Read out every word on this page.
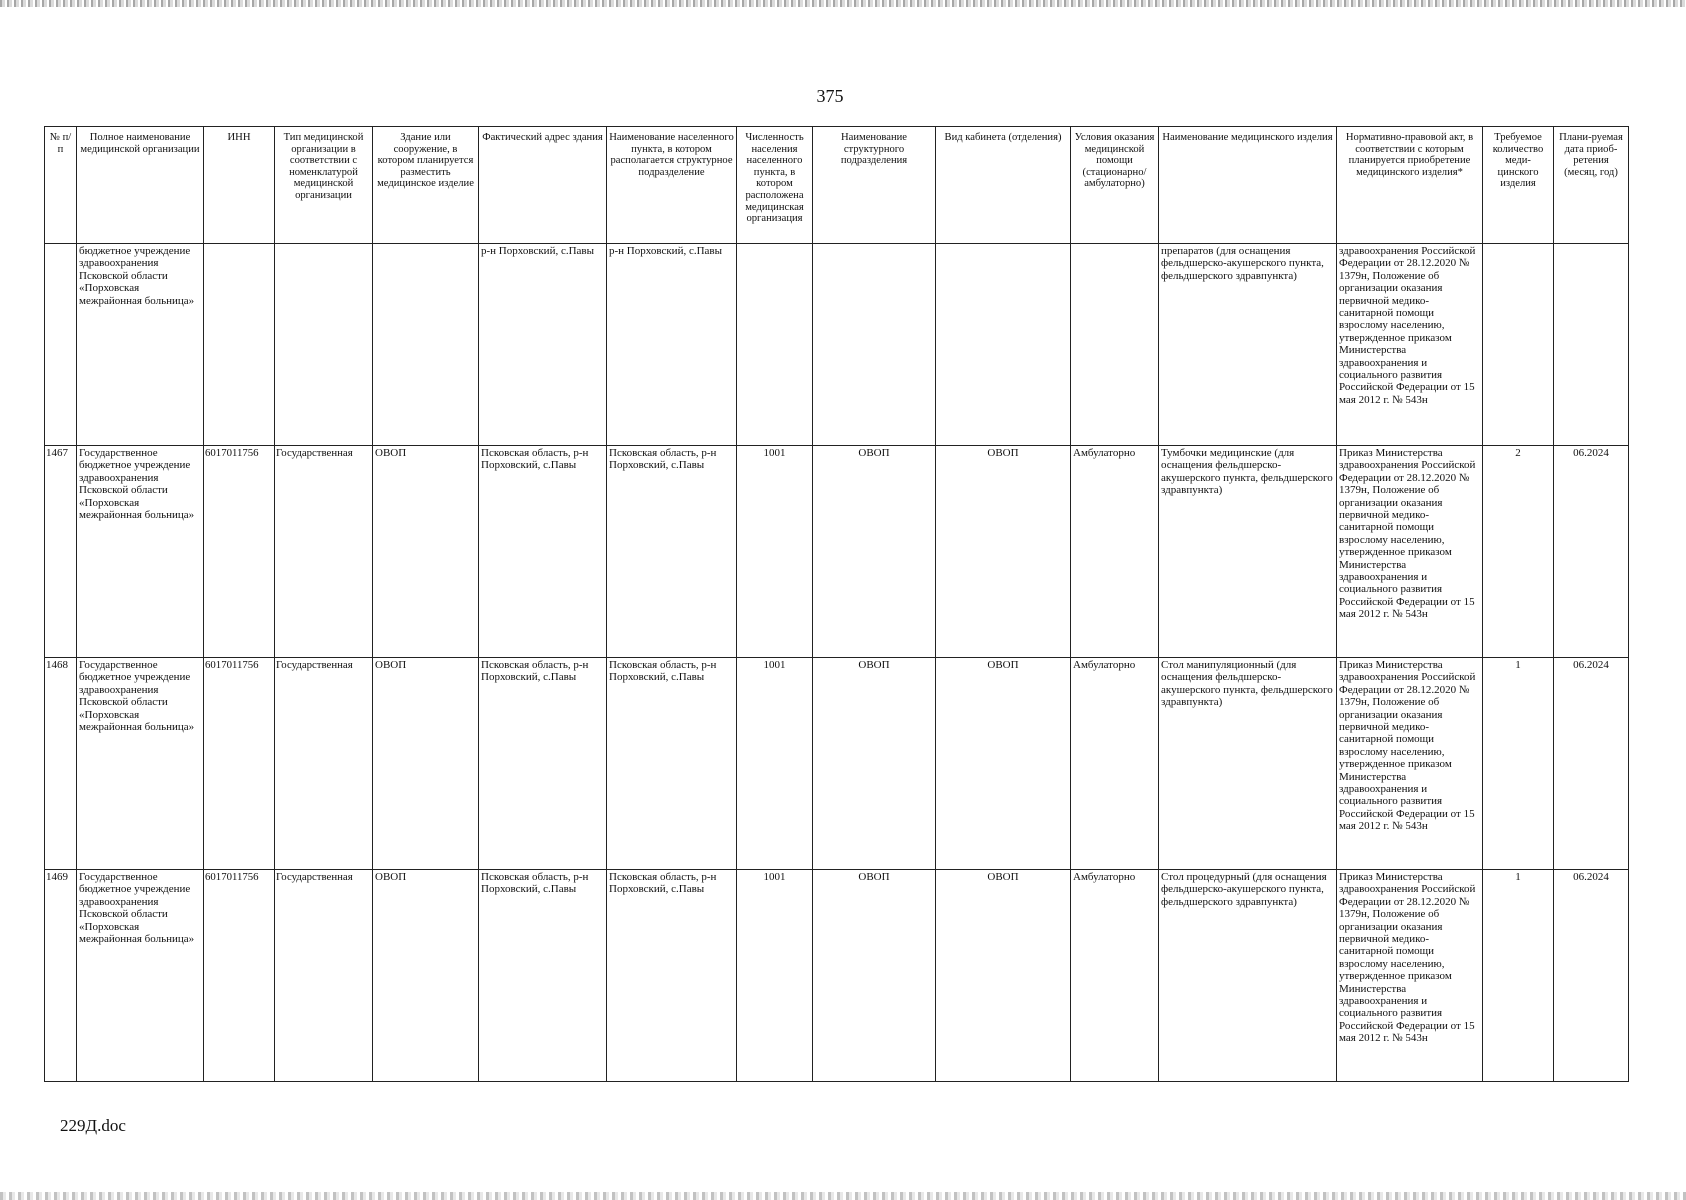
375
№ п/п	Полное наименование медицинской организации	ИНН	Тип медицинской организации в соответствии с номенклатурой медицинской организации	Здание или сооружение, в котором планируется разместить медицинское изделие	Фактический адрес здания	Наименование населенного пункта, в котором располагается структурное подразделение	Численность населения населенного пункта, в котором расположена медицинская организация	Наименование структурного подразделения	Вид кабинета (отделения)	Условия оказания медицинской помощи (стационарно/ амбулаторно)	Наименование медицинского изделия	Нормативно-правовой акт, в соответствии с которым планируется приобретение медицинского изделия*	Требуемое количество меди-цинского изделия	Плани-руемая дата приоб-ретения (месяц, год)
	бюджетное учреждение здравоохранения Псковской области «Порховская межрайонная больница»				р-н Порховский, с.Павы	р-н Порховский, с.Павы					препаратов (для оснащения фельдшерско-акушерского пункта, фельдшерского здравпункта)	здравоохранения Российской Федерации от 28.12.2020 № 1379н, Положение об организации оказания первичной медико-санитарной помощи взрослому населению, утвержденное приказом Министерства здравоохранения и социального развития Российской Федерации от 15 мая 2012 г. № 543н		
1467	Государственное бюджетное учреждение здравоохранения Псковской области «Порховская межрайонная больница»	6017011756	Государственная	ОВОП	Псковская область, р-н Порховский, с.Павы	Псковская область, р-н Порховский, с.Павы	1001	ОВОП	ОВОП	Амбулаторно	Тумбочки медицинские (для оснащения фельдшерско-акушерского пункта, фельдшерского здравпункта)	Приказ Министерства здравоохранения Российской Федерации от 28.12.2020 № 1379н, Положение об организации оказания первичной медико-санитарной помощи взрослому населению, утвержденное приказом Министерства здравоохранения и социального развития Российской Федерации от 15 мая 2012 г. № 543н	2	06.2024
1468	Государственное бюджетное учреждение здравоохранения Псковской области «Порховская межрайонная больница»	6017011756	Государственная	ОВОП	Псковская область, р-н Порховский, с.Павы	Псковская область, р-н Порховский, с.Павы	1001	ОВОП	ОВОП	Амбулаторно	Стол манипуляционный (для оснащения фельдшерско-акушерского пункта, фельдшерского здравпункта)	Приказ Министерства здравоохранения Российской Федерации от 28.12.2020 № 1379н, Положение об организации оказания первичной медико-санитарной помощи взрослому населению, утвержденное приказом Министерства здравоохранения и социального развития Российской Федерации от 15 мая 2012 г. № 543н	1	06.2024
1469	Государственное бюджетное учреждение здравоохранения Псковской области «Порховская межрайонная больница»	6017011756	Государственная	ОВОП	Псковская область, р-н Порховский, с.Павы	Псковская область, р-н Порховский, с.Павы	1001	ОВОП	ОВОП	Амбулаторно	Стол процедурный (для оснащения фельдшерско-акушерского пункта, фельдшерского здравпункта)	Приказ Министерства здравоохранения Российской Федерации от 28.12.2020 № 1379н, Положение об организации оказания первичной медико-санитарной помощи взрослому населению, утвержденное приказом Министерства здравоохранения и социального развития Российской Федерации от 15 мая 2012 г. № 543н	1	06.2024
229Д.doc
